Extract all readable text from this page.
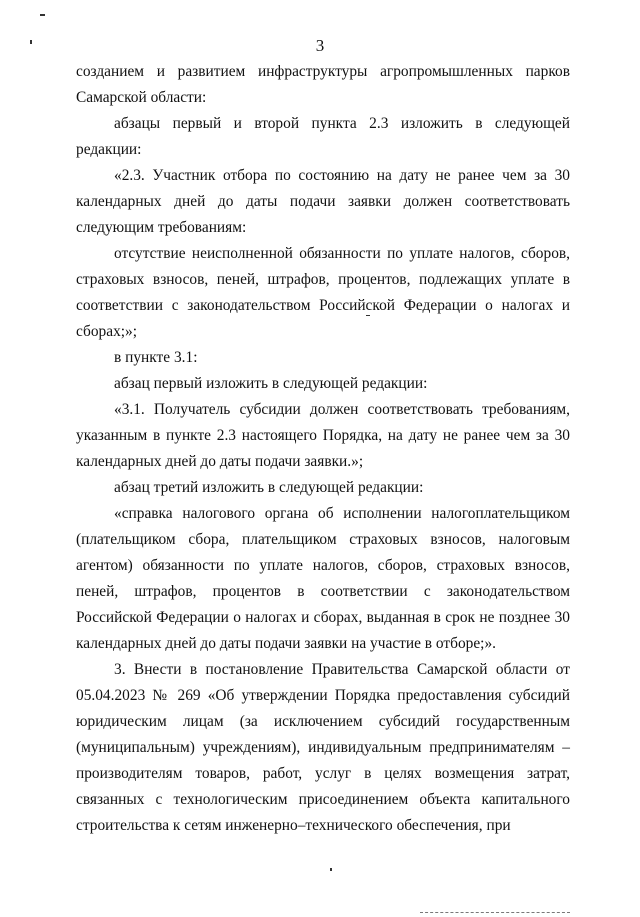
3

созданием и развитием инфраструктуры агропромышленных парков Самарской области:

абзацы первый и второй пункта 2.3 изложить в следующей редакции:

«2.3. Участник отбора по состоянию на дату не ранее чем за 30 календарных дней до даты подачи заявки должен соответствовать следующим требованиям:

отсутствие неисполненной обязанности по уплате налогов, сборов, страховых взносов, пеней, штрафов, процентов, подлежащих уплате в соответствии с законодательством Российской Федерации о налогах и сборах;»;

в пункте 3.1:

абзац первый изложить в следующей редакции:

«3.1. Получатель субсидии должен соответствовать требованиям, указанным в пункте 2.3 настоящего Порядка, на дату не ранее чем за 30 календарных дней до даты подачи заявки.»;

абзац третий изложить в следующей редакции:

«справка налогового органа об исполнении налогоплательщиком (плательщиком сбора, плательщиком страховых взносов, налоговым агентом) обязанности по уплате налогов, сборов, страховых взносов, пеней, штрафов, процентов в соответствии с законодательством Российской Федерации о налогах и сборах, выданная в срок не позднее 30 календарных дней до даты подачи заявки на участие в отборе;».

3. Внести в постановление Правительства Самарской области от 05.04.2023 № 269 «Об утверждении Порядка предоставления субсидий юридическим лицам (за исключением субсидий государственным (муниципальным) учреждениям), индивидуальным предпринимателям – производителям товаров, работ, услуг в целях возмещения затрат, связанных с технологическим присоединением объекта капитального строительства к сетям инженерно–технического обеспечения, при
